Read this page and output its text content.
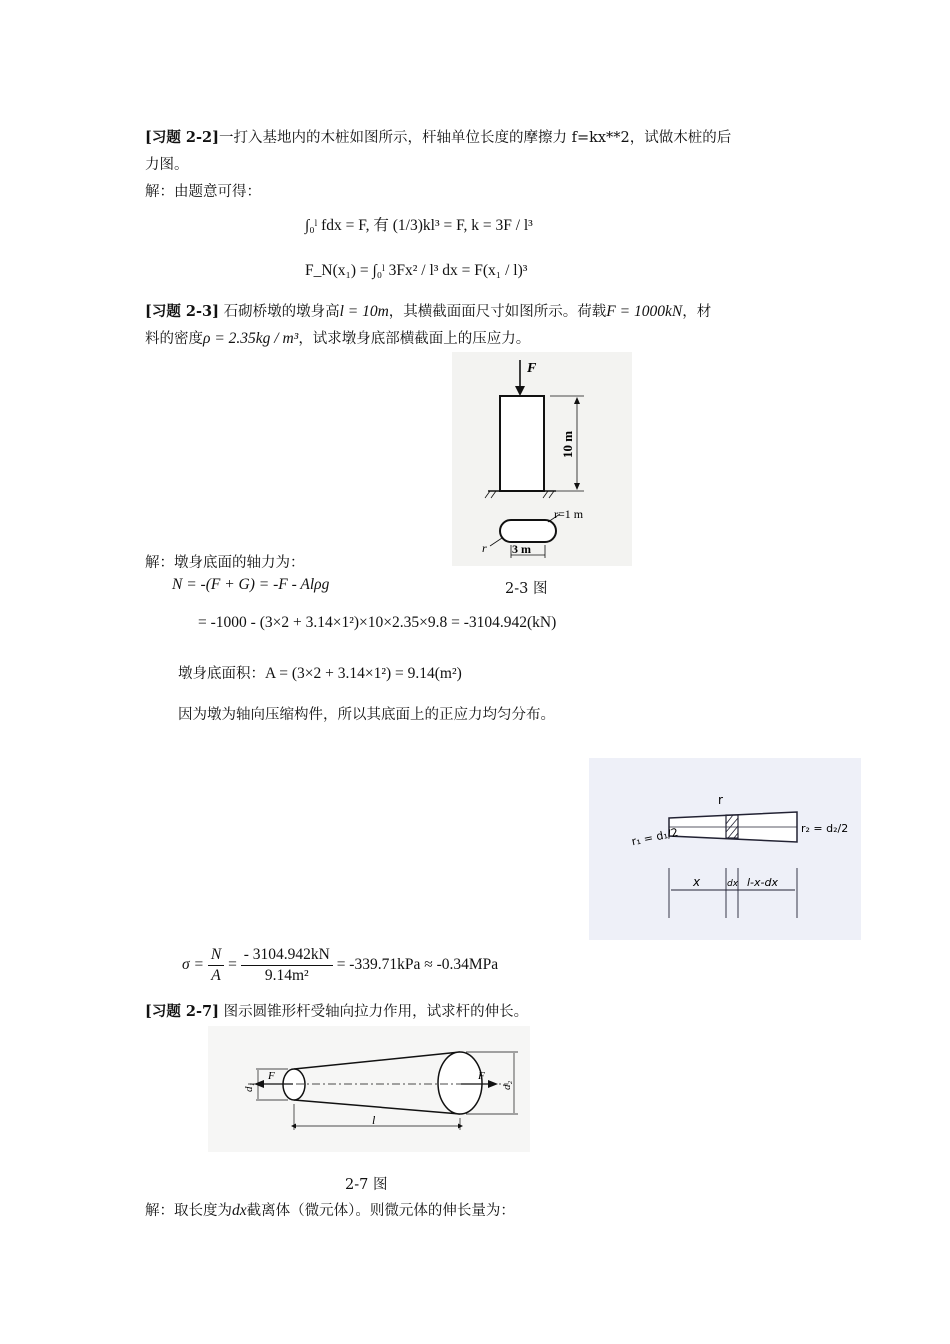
[习题 2-2]一打入基地内的木桩如图所示，杆轴单位长度的摩擦力 f=kx**2，试做木桩的后
力图。
解：由题意可得：
∫₀ˡ fdx = F, 有 (1/3)kl³ = F, k = 3F / l³
F_N(x₁) = ∫₀ˡ 3Fx² / l³ dx = F(x₁ / l)³
[习题 2-3] 石砌桥墩的墩身高l = 10m，其横截面面尺寸如图所示。荷载F = 1000kN，材
料的密度ρ = 2.35kg / m³，试求墩身底部横截面上的压应力。
F
10 m
r=1 m
r 3 m
解：墩身底面的轴力为：
N = -(F + G) = -F - Alρg	2-3 图
= -1000 - (3×2 + 3.14×1²)×10×2.35×9.8 = -3104.942(kN)
墩身底面积：A = (3×2 + 3.14×1²) = 9.14(m²)
因为墩为轴向压缩构件，所以其底面上的正应力均匀分布。
r
r₁ = d₁/2	r₂ = d₂/2
x	dx l-x-dx
$\sigma = \frac{N}{A} = \frac{- 3104.942kN}{\text{9.14m²}} = -339.71kPa \approx -0.34MPa$
[习题 2-7] 图示圆锥形杆受轴向拉力作用，试求杆的伸长。
F	F
d₁	d₂
l
2-7 图
解：取长度为dx截离体（微元体）。则微元体的伸长量为：
